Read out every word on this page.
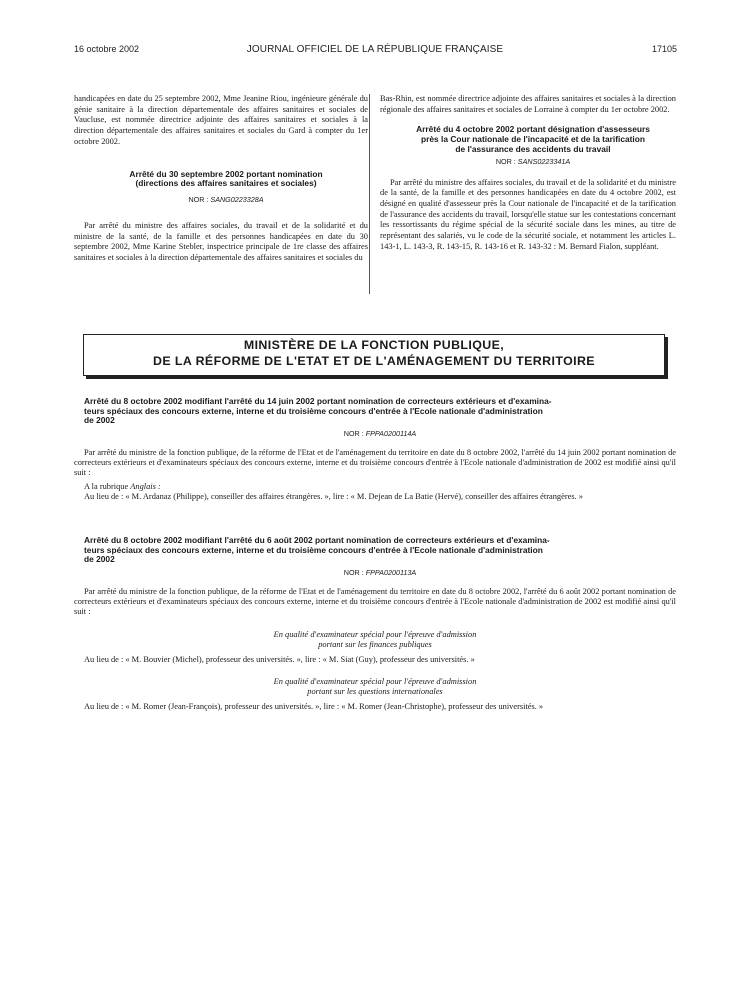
16 octobre 2002	JOURNAL OFFICIEL DE LA RÉPUBLIQUE FRANÇAISE	17105

handicapées en date du 25 septembre 2002, Mme Jeanine Riou, ingénieure générale du génie sanitaire à la direction départementale des affaires sanitaires et sociales de Vaucluse, est nommée directrice adjointe des affaires sanitaires et sociales à la direction départementale des affaires sanitaires et sociales du Gard à compter du 1er octobre 2002.

Arrêté du 30 septembre 2002 portant nomination

(directions des affaires sanitaires et sociales)

NOR : SANG0223328A

Par arrêté du ministre des affaires sociales, du travail et de la solidarité et du ministre de la santé, de la famille et des personnes handicapées en date du 30 septembre 2002, Mme Karine Stebler, inspectrice principale de 1re classe des affaires sanitaires et sociales à la direction départementale des affaires sanitaires et sociales du

Bas-Rhin, est nommée directrice adjointe des affaires sanitaires et sociales à la direction régionale des affaires sanitaires et sociales de Lorraine à compter du 1er octobre 2002.

Arrêté du 4 octobre 2002 portant désignation d'assesseurs

près la Cour nationale de l'incapacité et de la tarification

de l'assurance des accidents du travail

NOR : SANS0223341A

Par arrêté du ministre des affaires sociales, du travail et de la solidarité et du ministre de la santé, de la famille et des personnes handicapées en date du 4 octobre 2002, est désigné en qualité d'assesseur près la Cour nationale de l'incapacité et de la tarification de l'assurance des accidents du travail, lorsqu'elle statue sur les contestations concernant les ressortissants du régime spécial de la sécurité sociale dans les mines, au titre de représentant des salariés, vu le code de la sécurité sociale, et notamment les articles L. 143-1, L. 143-3, R. 143-15, R. 143-16 et R. 143-32 : M. Bernard Fialon, suppléant.

MINISTÈRE DE LA FONCTION PUBLIQUE,
DE LA RÉFORME DE L'ETAT ET DE L'AMÉNAGEMENT DU TERRITOIRE

Arrêté du 8 octobre 2002 modifiant l'arrêté du 14 juin 2002 portant nomination de correcteurs extérieurs et d'examina-

teurs spéciaux des concours externe, interne et du troisième concours d'entrée à l'Ecole nationale d'administration

de 2002

NOR : FPPA0200114A

Par arrêté du ministre de la fonction publique, de la réforme de l'Etat et de l'aménagement du territoire en date du 8 octobre 2002, l'arrêté du 14 juin 2002 portant nomination de correcteurs extérieurs et d'examinateurs spéciaux des concours externe, interne et du troisième concours d'entrée à l'Ecole nationale d'administration de 2002 est modifié ainsi qu'il suit :

A la rubrique Anglais :

Au lieu de : « M. Ardanaz (Philippe), conseiller des affaires étrangères. », lire : « M. Dejean de La Batie (Hervé), conseiller des affaires étrangères. »

Arrêté du 8 octobre 2002 modifiant l'arrêté du 6 août 2002 portant nomination de correcteurs extérieurs et d'examina-

teurs spéciaux des concours externe, interne et du troisième concours d'entrée à l'Ecole nationale d'administration

de 2002

NOR : FPPA0200113A

Par arrêté du ministre de la fonction publique, de la réforme de l'Etat et de l'aménagement du territoire en date du 8 octobre 2002, l'arrêté du 6 août 2002 portant nomination de correcteurs extérieurs et d'examinateurs spéciaux des concours externe, interne et du troisième concours d'entrée à l'Ecole nationale d'administration de 2002 est modifié ainsi qu'il suit :

En qualité d'examinateur spécial pour l'épreuve d'admission

portant sur les finances publiques

Au lieu de : « M. Bouvier (Michel), professeur des universités. », lire : « M. Siat (Guy), professeur des universités. »

En qualité d'examinateur spécial pour l'épreuve d'admission

portant sur les questions internationales

Au lieu de : « M. Romer (Jean-François), professeur des universités. », lire : « M. Romer (Jean-Christophe), professeur des universités. »
